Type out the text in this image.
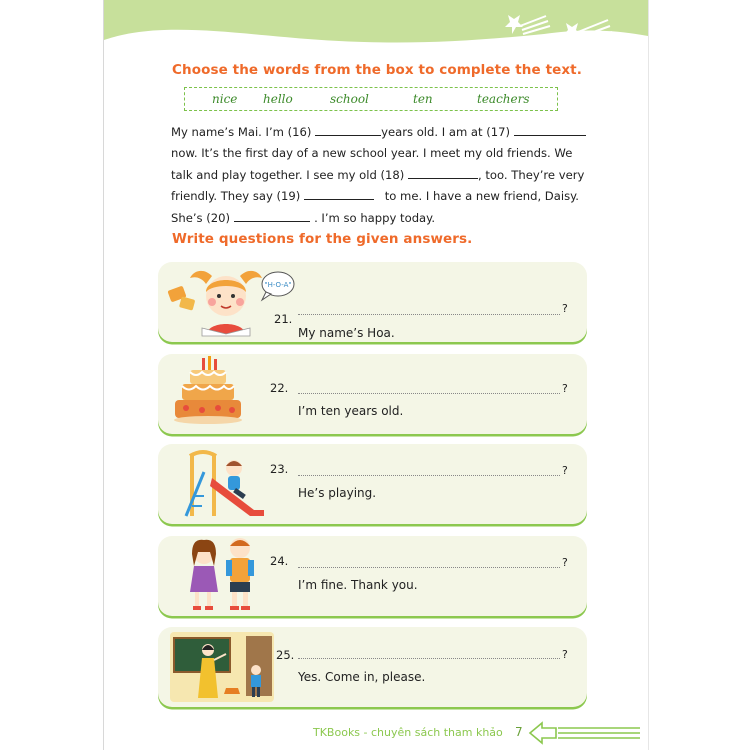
Choose the words from the box to complete the text.
nice hello	school	ten	teachers
My name’s Mai. I’m (16)	years old. I am at (17)
now. It’s the first day of a new school year. I meet my old friends. We
talk and play together. I see my old (18)	, too. They’re very
friendly. They say (19)	to me. I have a new friend, Daisy.
She’s (20)	. I’m so happy today.
Write questions for the given answers.
"H-O-A"
21.
?
My name’s Hoa.
22.	?
I’m ten years old.
23.	?
He’s playing.
24.	?
I’m fine. Thank you.
25.	?
Yes. Come in, please.
TKBooks - chuyên sách tham khảo 7
